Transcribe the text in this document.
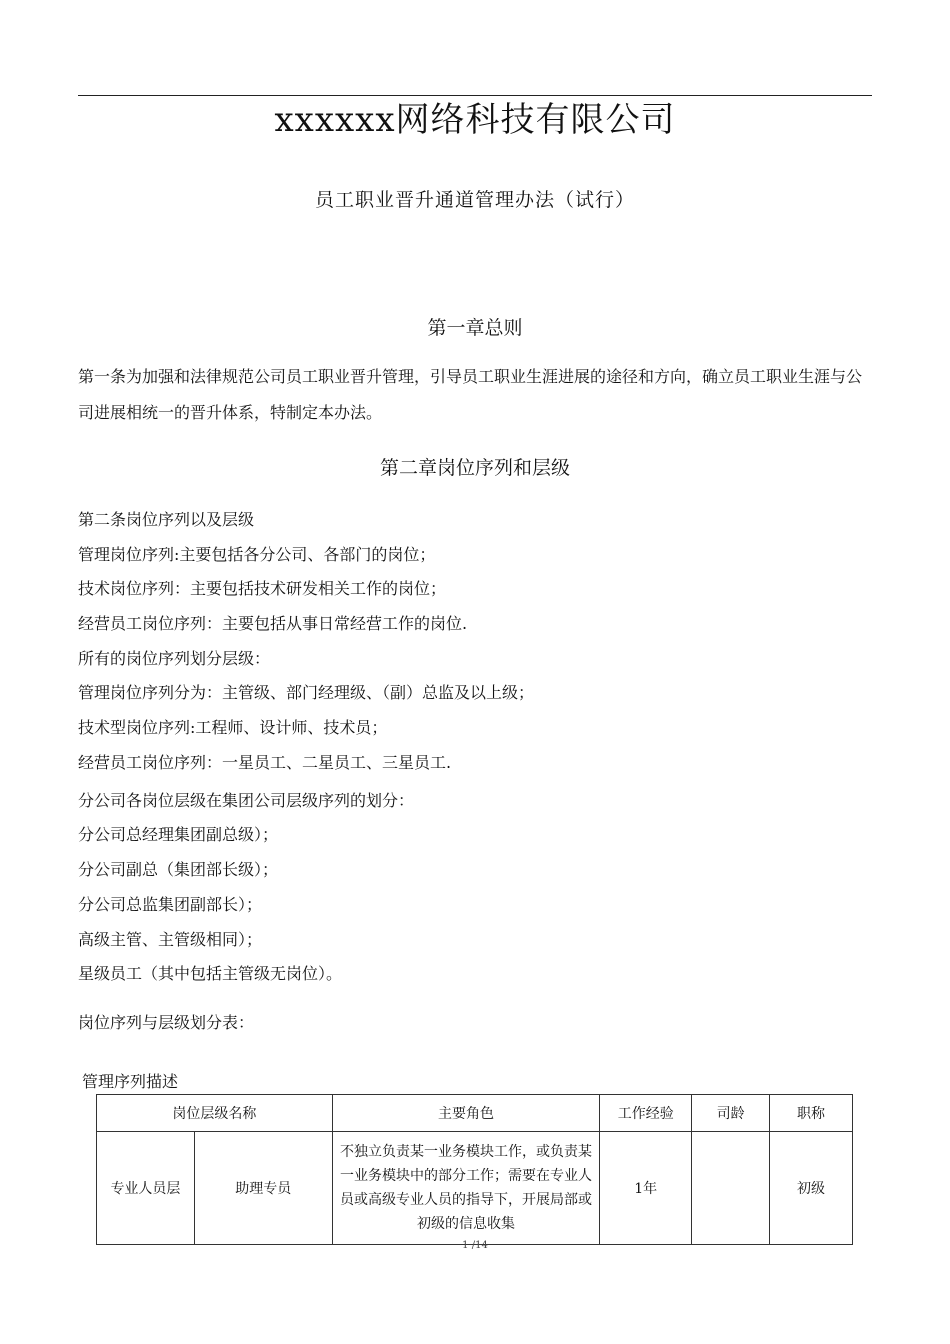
xxxxxx网络科技有限公司
员工职业晋升通道管理办法（试行）
第一章总则

第一条为加强和法律规范公司员工职业晋升管理，引导员工职业生涯进展的途径和方向，确立员工职业生涯与公司进展相统一的晋升体系，特制定本办法。

第二章岗位序列和层级
第二条岗位序列以及层级
管理岗位序列:主要包括各分公司、各部门的岗位；
技术岗位序列：主要包括技术研发相关工作的岗位；
经营员工岗位序列：主要包括从事日常经营工作的岗位.
所有的岗位序列划分层级：
管理岗位序列分为：主管级、部门经理级、（副）总监及以上级；
技术型岗位序列:工程师、设计师、技术员；
经营员工岗位序列：一星员工、二星员工、三星员工.
分公司各岗位层级在集团公司层级序列的划分：
分公司总经理集团副总级）；
分公司副总（集团部长级）；
分公司总监集团副部长）；
高级主管、主管级相同）；
星级员工（其中包括主管级无岗位）。
岗位序列与层级划分表：
管理序列描述
岗位层级名称		主要角色	工作经验	司龄	职称
专业人员层	助理专员	不独立负责某一业务模块工作，或负责某一业务模块中的部分工作；需要在专业人员或高级专业人员的指导下，开展局部或初级的信息收集	1年		初级
1 /14
